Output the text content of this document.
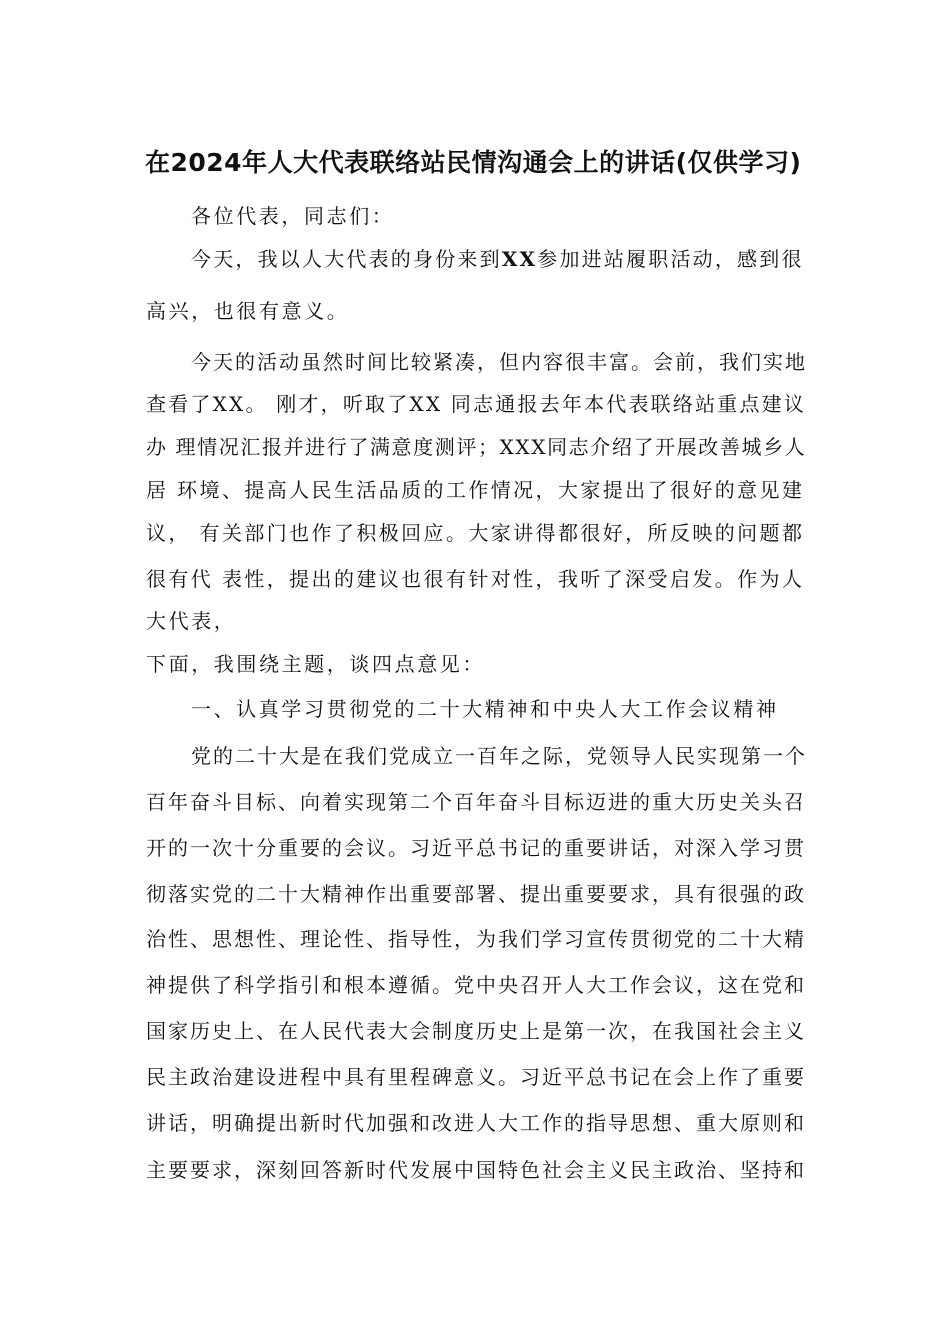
在2024年人大代表联络站民情沟通会上的讲话(仅供学习)
各位代表，同志们：
今天，我以人大代表的身份来到XX参加进站履职活动，感到很
高兴，也很有意义。
今天的活动虽然时间比较紧凑，但内容很丰富。会前，我们实地
查看了XX。 刚才，听取了XX 同志通报去年本代表联络站重点建议
办 理情况汇报并进行了满意度测评；XXX同志介绍了开展改善城乡人
居 环境、提高人民生活品质的工作情况，大家提出了很好的意见建
议， 有关部门也作了积极回应。大家讲得都很好，所反映的问题都
很有代 表性，提出的建议也很有针对性，我听了深受启发。作为人
大代表，
下面，我围绕主题，谈四点意见：
一、认真学习贯彻党的二十大精神和中央人大工作会议精神
党的二十大是在我们党成立一百年之际，党领导人民实现第一个
百年奋斗目标、向着实现第二个百年奋斗目标迈进的重大历史关头召
开的一次十分重要的会议。习近平总书记的重要讲话，对深入学习贯
彻落实党的二十大精神作出重要部署、提出重要要求，具有很强的政
治性、思想性、理论性、指导性，为我们学习宣传贯彻党的二十大精
神提供了科学指引和根本遵循。党中央召开人大工作会议，这在党和
国家历史上、在人民代表大会制度历史上是第一次，在我国社会主义
民主政治建设进程中具有里程碑意义。习近平总书记在会上作了重要
讲话，明确提出新时代加强和改进人大工作的指导思想、重大原则和
主要要求，深刻回答新时代发展中国特色社会主义民主政治、坚持和
